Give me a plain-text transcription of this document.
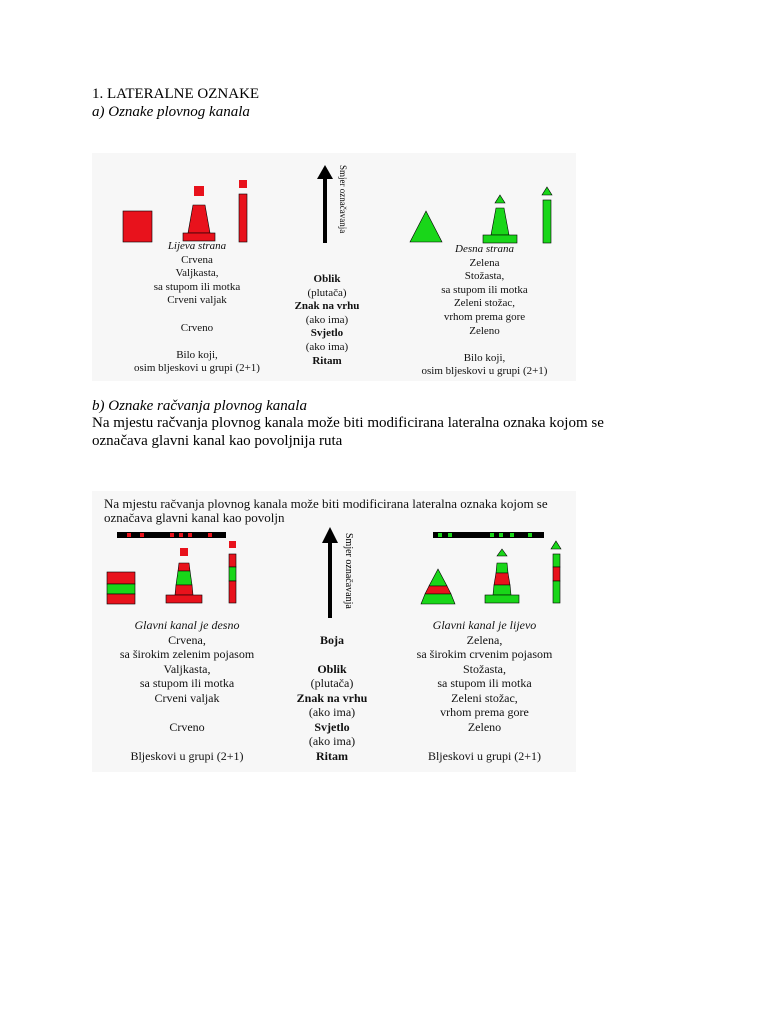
1. LATERALNE OZNAKE
a) Oznake plovnog kanala
Smjer označavanja
Lijeva strana
Crvena
Valjkasta,
sa stupom ili motka
Crveni valjak
Crveno
Bilo koji,
osim bljeskovi u grupi (2+1)
Oblik
(plutača)
Znak na vrhu
(ako ima)
Svjetlo
(ako ima)
Ritam
Desna strana
Zelena
Stožasta,
sa stupom ili motka
Zeleni stožac,
vrhom prema gore
Zeleno
Bilo koji,
osim bljeskovi u grupi (2+1)
b) Oznake račvanja plovnog kanala
Na mjestu račvanja plovnog kanala može biti modificirana lateralna oznaka kojom se
označava glavni kanal kao povoljnija ruta
Na mjestu račvanja plovnog kanala može biti modificirana lateralna oznaka kojom se
označava glavni kanal kao povoljn
Smjer označavanja
Glavni kanal je desno
Crvena,
sa širokim zelenim pojasom
Valjkasta,
sa stupom ili motka
Crveni valjak
Crveno
Bljeskovi u grupi (2+1)
Boja
Oblik
(plutača)
Znak na vrhu
(ako ima)
Svjetlo
(ako ima)
Ritam
Glavni kanal je lijevo
Zelena,
sa širokim crvenim pojasom
Stožasta,
sa stupom ili motka
Zeleni stožac,
vrhom prema gore
Zeleno
Bljeskovi u grupi (2+1)
